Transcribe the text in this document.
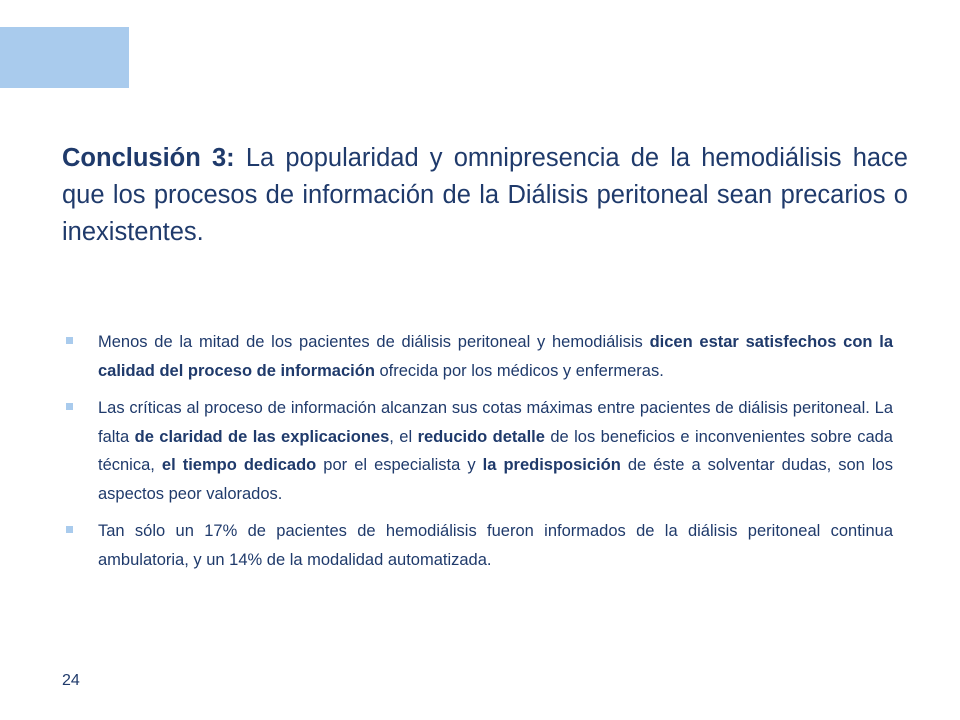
Conclusión 3: La popularidad y omnipresencia de la hemodiálisis hace que los procesos de información de la Diálisis peritoneal sean precarios o inexistentes.

Menos de la mitad de los pacientes de diálisis peritoneal y hemodiálisis dicen estar satisfechos con la calidad del proceso de información ofrecida por los médicos y enfermeras.
Las críticas al proceso de información alcanzan sus cotas máximas entre pacientes de diálisis peritoneal. La falta de claridad de las explicaciones, el reducido detalle de los beneficios e inconvenientes sobre cada técnica, el tiempo dedicado por el especialista y la predisposición de éste a solventar dudas, son los aspectos peor valorados.
Tan sólo un 17% de pacientes de hemodiálisis fueron informados de la diálisis peritoneal continua ambulatoria, y un 14% de la modalidad automatizada.
24
